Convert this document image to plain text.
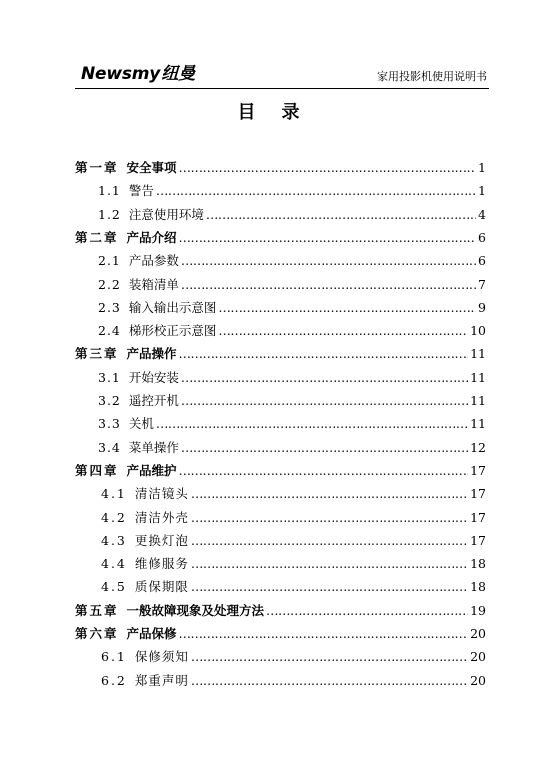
Newsmy纽曼	家用投影机使用说明书
目录
第一章 安全事项 ……………………………………………………………………………………………………………………………………………………………………	1
1.1 警告 ……………………………………………………………………………………………………………………………………………………………………	1
1.2 注意使用环境 ……………………………………………………………………………………………………………………………………………………………………	4
第二章 产品介绍 ……………………………………………………………………………………………………………………………………………………………………	6
2.1 产品参数 ……………………………………………………………………………………………………………………………………………………………………	6
2.2 装箱清单 ……………………………………………………………………………………………………………………………………………………………………	7
2.3 输入输出示意图 ……………………………………………………………………………………………………………………………………………………………………	9
2.4 梯形校正示意图 ……………………………………………………………………………………………………………………………………………………………………	10
第三章 产品操作 ……………………………………………………………………………………………………………………………………………………………………	11
3.1 开始安装 ……………………………………………………………………………………………………………………………………………………………………	11
3.2 遥控开机 ……………………………………………………………………………………………………………………………………………………………………	11
3.3 关机 ……………………………………………………………………………………………………………………………………………………………………	11
3.4 菜单操作 ……………………………………………………………………………………………………………………………………………………………………	12
第四章 产品维护 ……………………………………………………………………………………………………………………………………………………………………	17
4.1 清洁镜头 ……………………………………………………………………………………………………………………………………………………………………	17
4.2 清洁外壳 ……………………………………………………………………………………………………………………………………………………………………	17
4.3 更换灯泡 ……………………………………………………………………………………………………………………………………………………………………	17
4.4 维修服务 ……………………………………………………………………………………………………………………………………………………………………	18
4.5 质保期限 ……………………………………………………………………………………………………………………………………………………………………	18
第五章 一般故障现象及处理方法 ……………………………………………………………………………………………………………………………………………………………………	19
第六章 产品保修 ……………………………………………………………………………………………………………………………………………………………………	20
6.1 保修须知 ……………………………………………………………………………………………………………………………………………………………………	20
6.2 郑重声明 ……………………………………………………………………………………………………………………………………………………………………	20
